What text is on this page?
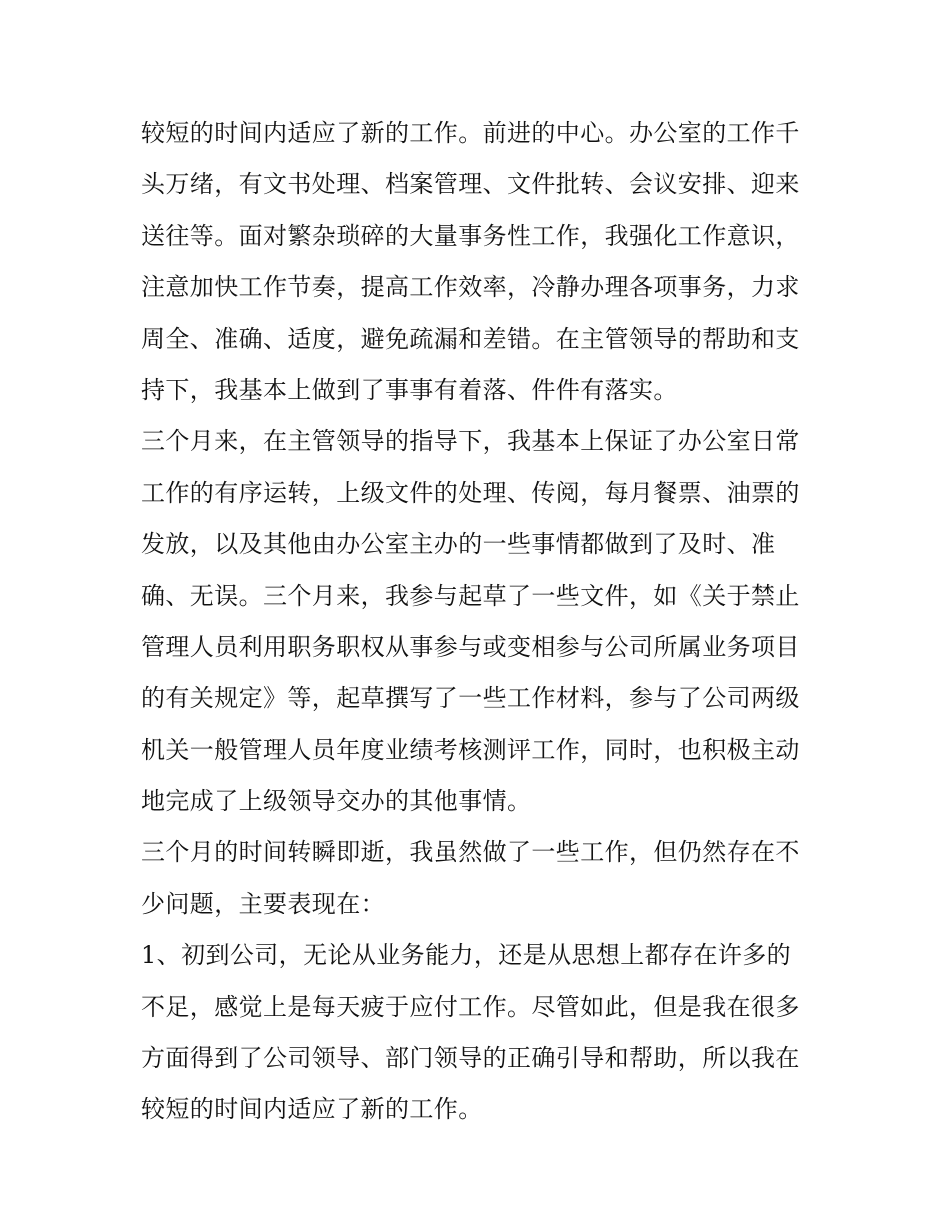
较短的时间内适应了新的工作。前进的中心。办公室的工作千
头万绪，有文书处理、档案管理、文件批转、会议安排、迎来
送往等。面对繁杂琐碎的大量事务性工作，我强化工作意识，
注意加快工作节奏，提高工作效率，冷静办理各项事务，力求
周全、准确、适度，避免疏漏和差错。在主管领导的帮助和支
持下，我基本上做到了事事有着落、件件有落实。
三个月来，在主管领导的指导下，我基本上保证了办公室日常
工作的有序运转，上级文件的处理、传阅，每月餐票、油票的
发放，以及其他由办公室主办的一些事情都做到了及时、准
确、无误。三个月来，我参与起草了一些文件，如《关于禁止
管理人员利用职务职权从事参与或变相参与公司所属业务项目
的有关规定》等，起草撰写了一些工作材料，参与了公司两级
机关一般管理人员年度业绩考核测评工作，同时，也积极主动
地完成了上级领导交办的其他事情。
三个月的时间转瞬即逝，我虽然做了一些工作，但仍然存在不
少问题，主要表现在：
1、初到公司，无论从业务能力，还是从思想上都存在许多的
不足，感觉上是每天疲于应付工作。尽管如此，但是我在很多
方面得到了公司领导、部门领导的正确引导和帮助，所以我在
较短的时间内适应了新的工作。
